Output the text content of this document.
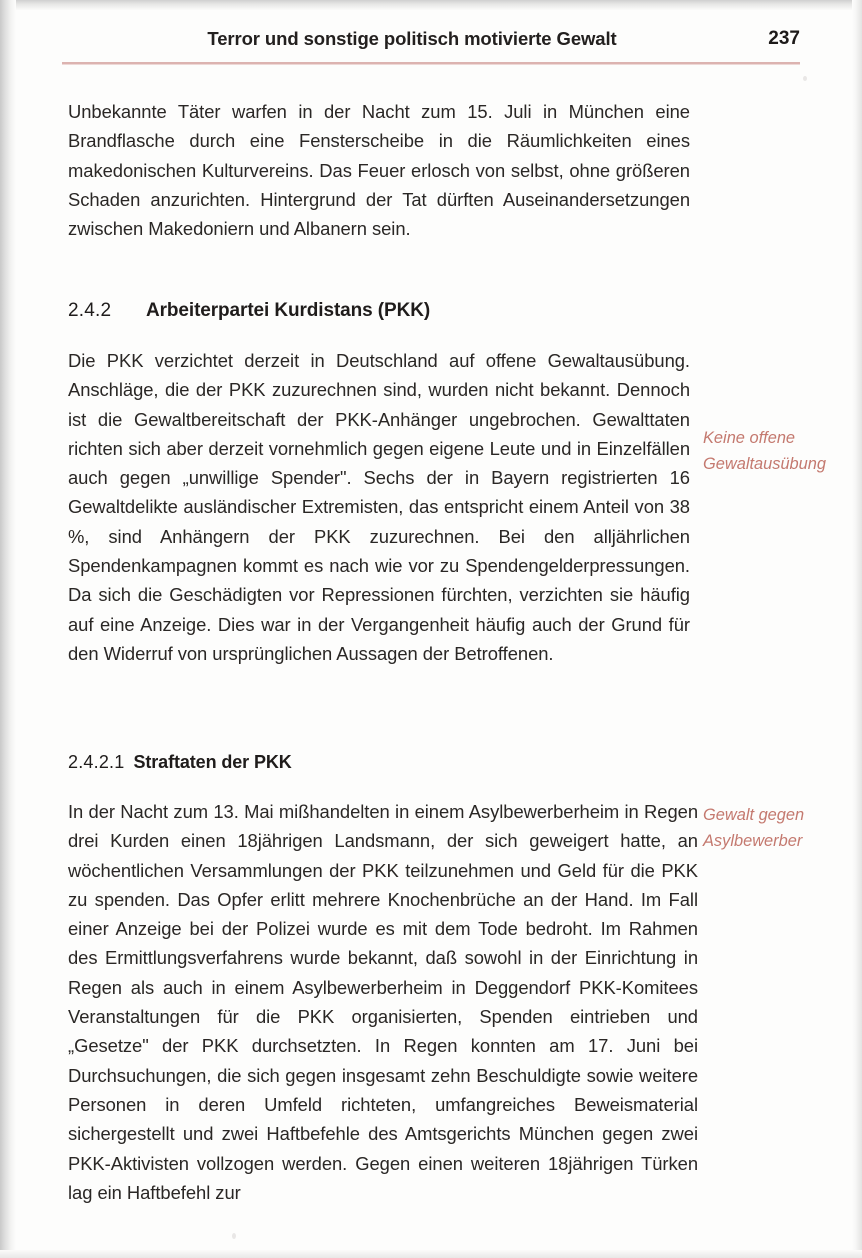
Terror und sonstige politisch motivierte Gewalt	237

Unbekannte Täter warfen in der Nacht zum 15. Juli in München eine Brandflasche durch eine Fensterscheibe in die Räumlichkeiten eines makedonischen Kulturvereins. Das Feuer erlosch von selbst, ohne größeren Schaden anzurichten. Hintergrund der Tat dürften Auseinandersetzungen zwischen Makedoniern und Albanern sein.

2.4.2	Arbeiterpartei Kurdistans (PKK)

Die PKK verzichtet derzeit in Deutschland auf offene Gewaltausübung. Anschläge, die der PKK zuzurechnen sind, wurden nicht bekannt. Dennoch ist die Gewaltbereitschaft der PKK-Anhänger ungebrochen. Gewalttaten richten sich aber derzeit vornehmlich gegen eigene Leute und in Einzelfällen auch gegen „unwillige Spender". Sechs der in Bayern registrierten 16 Gewaltdelikte ausländischer Extremisten, das entspricht einem Anteil von 38 %, sind Anhängern der PKK zuzurechnen. Bei den alljährlichen Spendenkampagnen kommt es nach wie vor zu Spendengelderpressungen. Da sich die Geschädigten vor Repressionen fürchten, verzichten sie häufig auf eine Anzeige. Dies war in der Vergangenheit häufig auch der Grund für den Widerruf von ursprünglichen Aussagen der Betroffenen.

Keine offene
Gewaltausübung
2.4.2.1 Straftaten der PKK

In der Nacht zum 13. Mai mißhandelten in einem Asylbewerberheim in Regen drei Kurden einen 18jährigen Landsmann, der sich geweigert hatte, an wöchentlichen Versammlungen der PKK teilzunehmen und Geld für die PKK zu spenden. Das Opfer erlitt mehrere Knochenbrüche an der Hand. Im Fall einer Anzeige bei der Polizei wurde es mit dem Tode bedroht. Im Rahmen des Ermittlungsverfahrens wurde bekannt, daß sowohl in der Einrichtung in Regen als auch in einem Asylbewerberheim in Deggendorf PKK-Komitees Veranstaltungen für die PKK organisierten, Spenden eintrieben und „Gesetze" der PKK durchsetzten. In Regen konnten am 17. Juni bei Durchsuchungen, die sich gegen insgesamt zehn Beschuldigte sowie weitere Personen in deren Umfeld richteten, umfangreiches Beweismaterial sichergestellt und zwei Haftbefehle des Amtsgerichts München gegen zwei PKK-Aktivisten vollzogen werden. Gegen einen weiteren 18jährigen Türken lag ein Haftbefehl zur

Gewalt gegen
Asylbewerber
